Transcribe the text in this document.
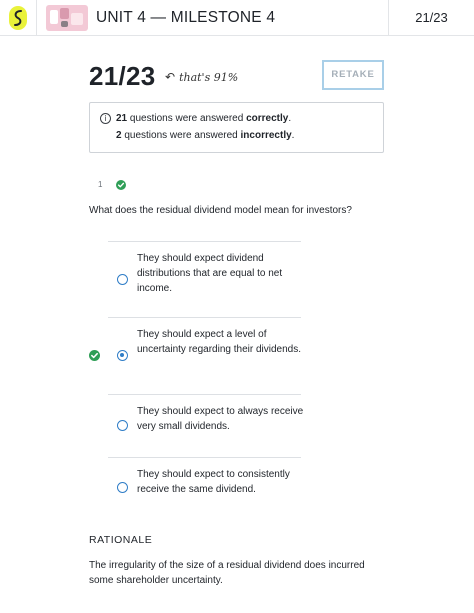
UNIT 4 — MILESTONE 4	21/23
21/23 ↶ that's 91%	RETAKE
i 21 questions were answered correctly.
2 questions were answered incorrectly.
1
What does the residual dividend model mean for investors?
They should expect dividend distributions that are equal to net income.
They should expect a level of uncertainty regarding their dividends.
They should expect to always receive very small dividends.
They should expect to consistently receive the same dividend.
RATIONALE
The irregularity of the size of a residual dividend does incurred some shareholder uncertainty.
